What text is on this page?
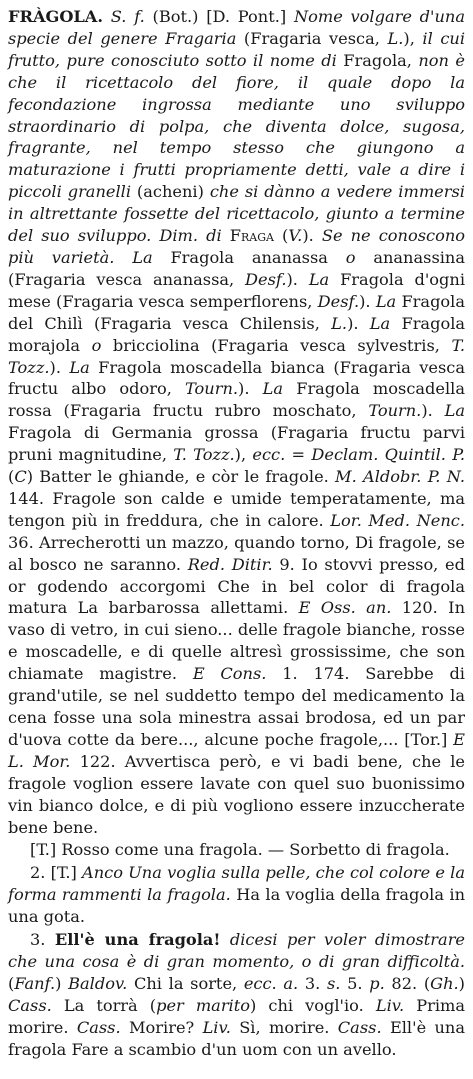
FRÀGOLA. S. f. (Bot.) [D. Pont.] Nome volgare d'una specie del genere Fragaria (Fragaria vesca, L.), il cui frutto, pure conosciuto sotto il nome di Fragola, non è che il ricettacolo del fiore, il quale dopo la fecondazione ingrossa mediante uno sviluppo straordinario di polpa, che diventa dolce, sugosa, fragrante, nel tempo stesso che giungono a maturazione i frutti propriamente detti, vale a dire i piccoli granelli (acheni) che si dànno a vedere immersi in altrettante fossette del ricettacolo, giunto a termine del suo sviluppo. Dim. di Fraga (V.). Se ne conoscono più varietà. La Fragola ananassa o ananassina (Fragaria vesca ananassa, Desf.). La Fragola d'ogni mese (Fragaria vesca semperflorens, Desf.). La Fragola del Chilì (Fragaria vesca Chilensis, L.). La Fragola morajola o bricciolina (Fragaria vesca sylvestris, T. Tozz.). La Fragola moscadella bianca (Fragaria vesca fructu albo odoro, Tourn.). La Fragola moscadella rossa (Fragaria fructu rubro moschato, Tourn.). La Fragola di Germania grossa (Fragaria fructu parvi pruni magnitudine, T. Tozz.), ecc. = Declam. Quintil. P. (C) Batter le ghiande, e còr le fragole. M. Aldobr. P. N. 144. Fragole son calde e umide temperatamente, ma tengon più in freddura, che in calore. Lor. Med. Nenc. 36. Arrecherotti un mazzo, quando torno, Di fragole, se al bosco ne saranno. Red. Ditir. 9. Io stovvi presso, ed or godendo accorgomi Che in bel color di fragola matura La barbarossa allettami. E Oss. an. 120. In vaso di vetro, in cui sieno... delle fragole bianche, rosse e moscadelle, e di quelle altresì grossissime, che son chiamate magistre. E Cons. 1. 174. Sarebbe di grand'utile, se nel suddetto tempo del medicamento la cena fosse una sola minestra assai brodosa, ed un par d'uova cotte da bere..., alcune poche fragole,... [Tor.] E L. Mor. 122. Avvertisca però, e vi badi bene, che le fragole voglion essere lavate con quel suo buonissimo vin bianco dolce, e di più vogliono essere inzuccherate bene bene.

[T.] Rosso come una fragola. — Sorbetto di fragola.

2. [T.] Anco Una voglia sulla pelle, che col colore e la forma rammenti la fragola. Ha la voglia della fragola in una gota.

3. Ell'è una fragola! dicesi per voler dimostrare che una cosa è di gran momento, o di gran difficoltà. (Fanf.) Baldov. Chi la sorte, ecc. a. 3. s. 5. p. 82. (Gh.) Cass. La torrà (per marito) chi vogl'io. Liv. Prima morire. Cass. Morire? Liv. Sì, morire. Cass. Ell'è una fragola Fare a scambio d'un uom con un avello.
